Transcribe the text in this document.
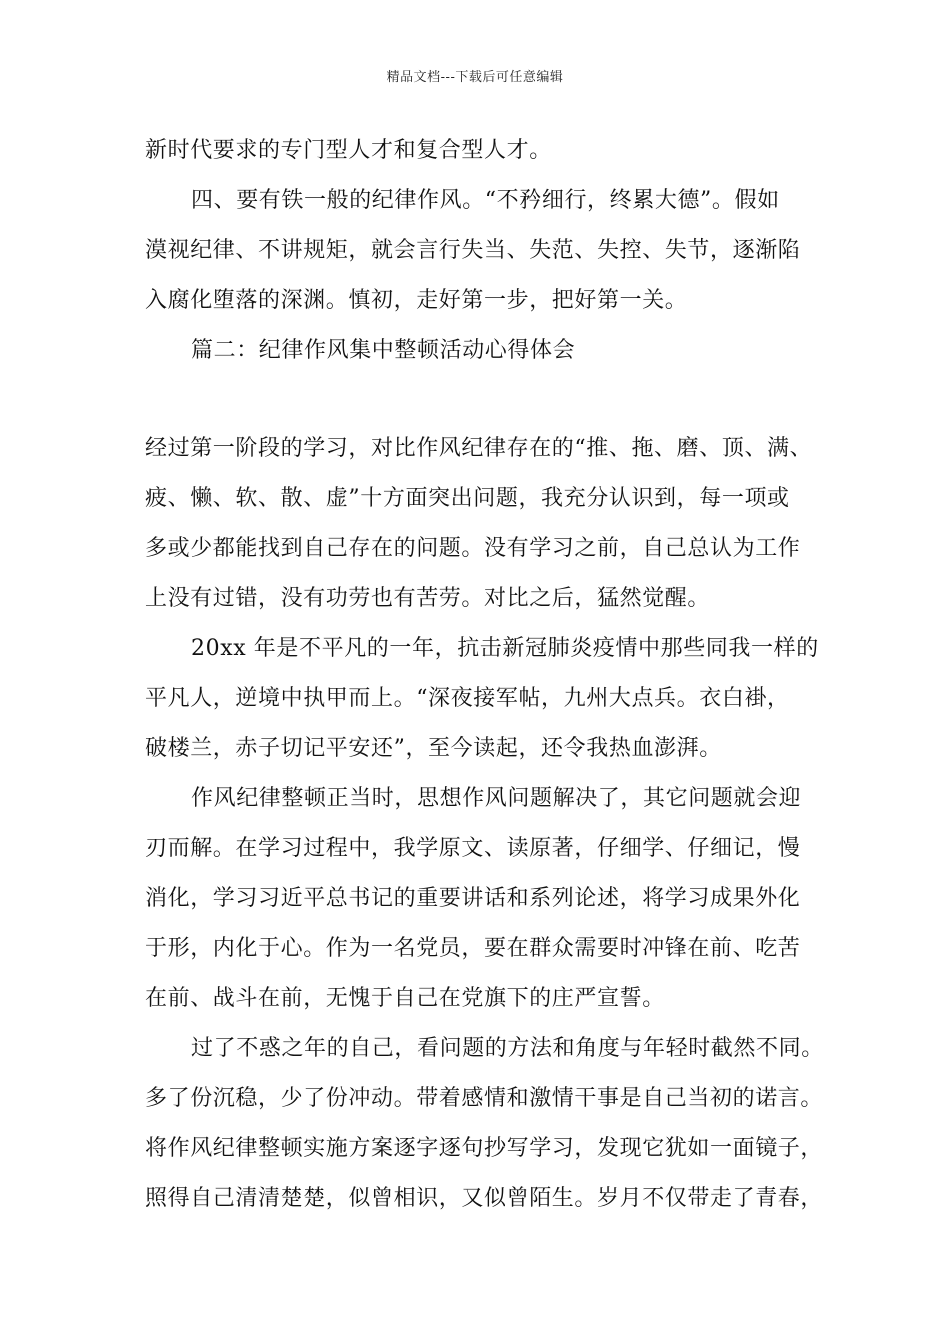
精品文档---下载后可任意编辑
新时代要求的专门型人才和复合型人才。
四、要有铁一般的纪律作风。“不矜细行，终累大德”。假如
漠视纪律、不讲规矩，就会言行失当、失范、失控、失节，逐渐陷
入腐化堕落的深渊。慎初，走好第一步，把好第一关。
篇二：纪律作风集中整顿活动心得体会
经过第一阶段的学习，对比作风纪律存在的“推、拖、磨、顶、满、
疲、懒、软、散、虚”十方面突出问题，我充分认识到，每一项或
多或少都能找到自己存在的问题。没有学习之前，自己总认为工作
上没有过错，没有功劳也有苦劳。对比之后，猛然觉醒。
20xx 年是不平凡的一年，抗击新冠肺炎疫情中那些同我一样的
平凡人，逆境中执甲而上。“深夜接军帖，九州大点兵。衣白褂，
破楼兰，赤子切记平安还”，至今读起，还令我热血澎湃。
作风纪律整顿正当时，思想作风问题解决了，其它问题就会迎
刃而解。在学习过程中，我学原文、读原著，仔细学、仔细记，慢
消化，学习习近平总书记的重要讲话和系列论述，将学习成果外化
于形，内化于心。作为一名党员，要在群众需要时冲锋在前、吃苦
在前、战斗在前，无愧于自己在党旗下的庄严宣誓。
过了不惑之年的自己，看问题的方法和角度与年轻时截然不同。
多了份沉稳，少了份冲动。带着感情和激情干事是自己当初的诺言。
将作风纪律整顿实施方案逐字逐句抄写学习，发现它犹如一面镜子，
照得自己清清楚楚，似曾相识，又似曾陌生。岁月不仅带走了青春，
